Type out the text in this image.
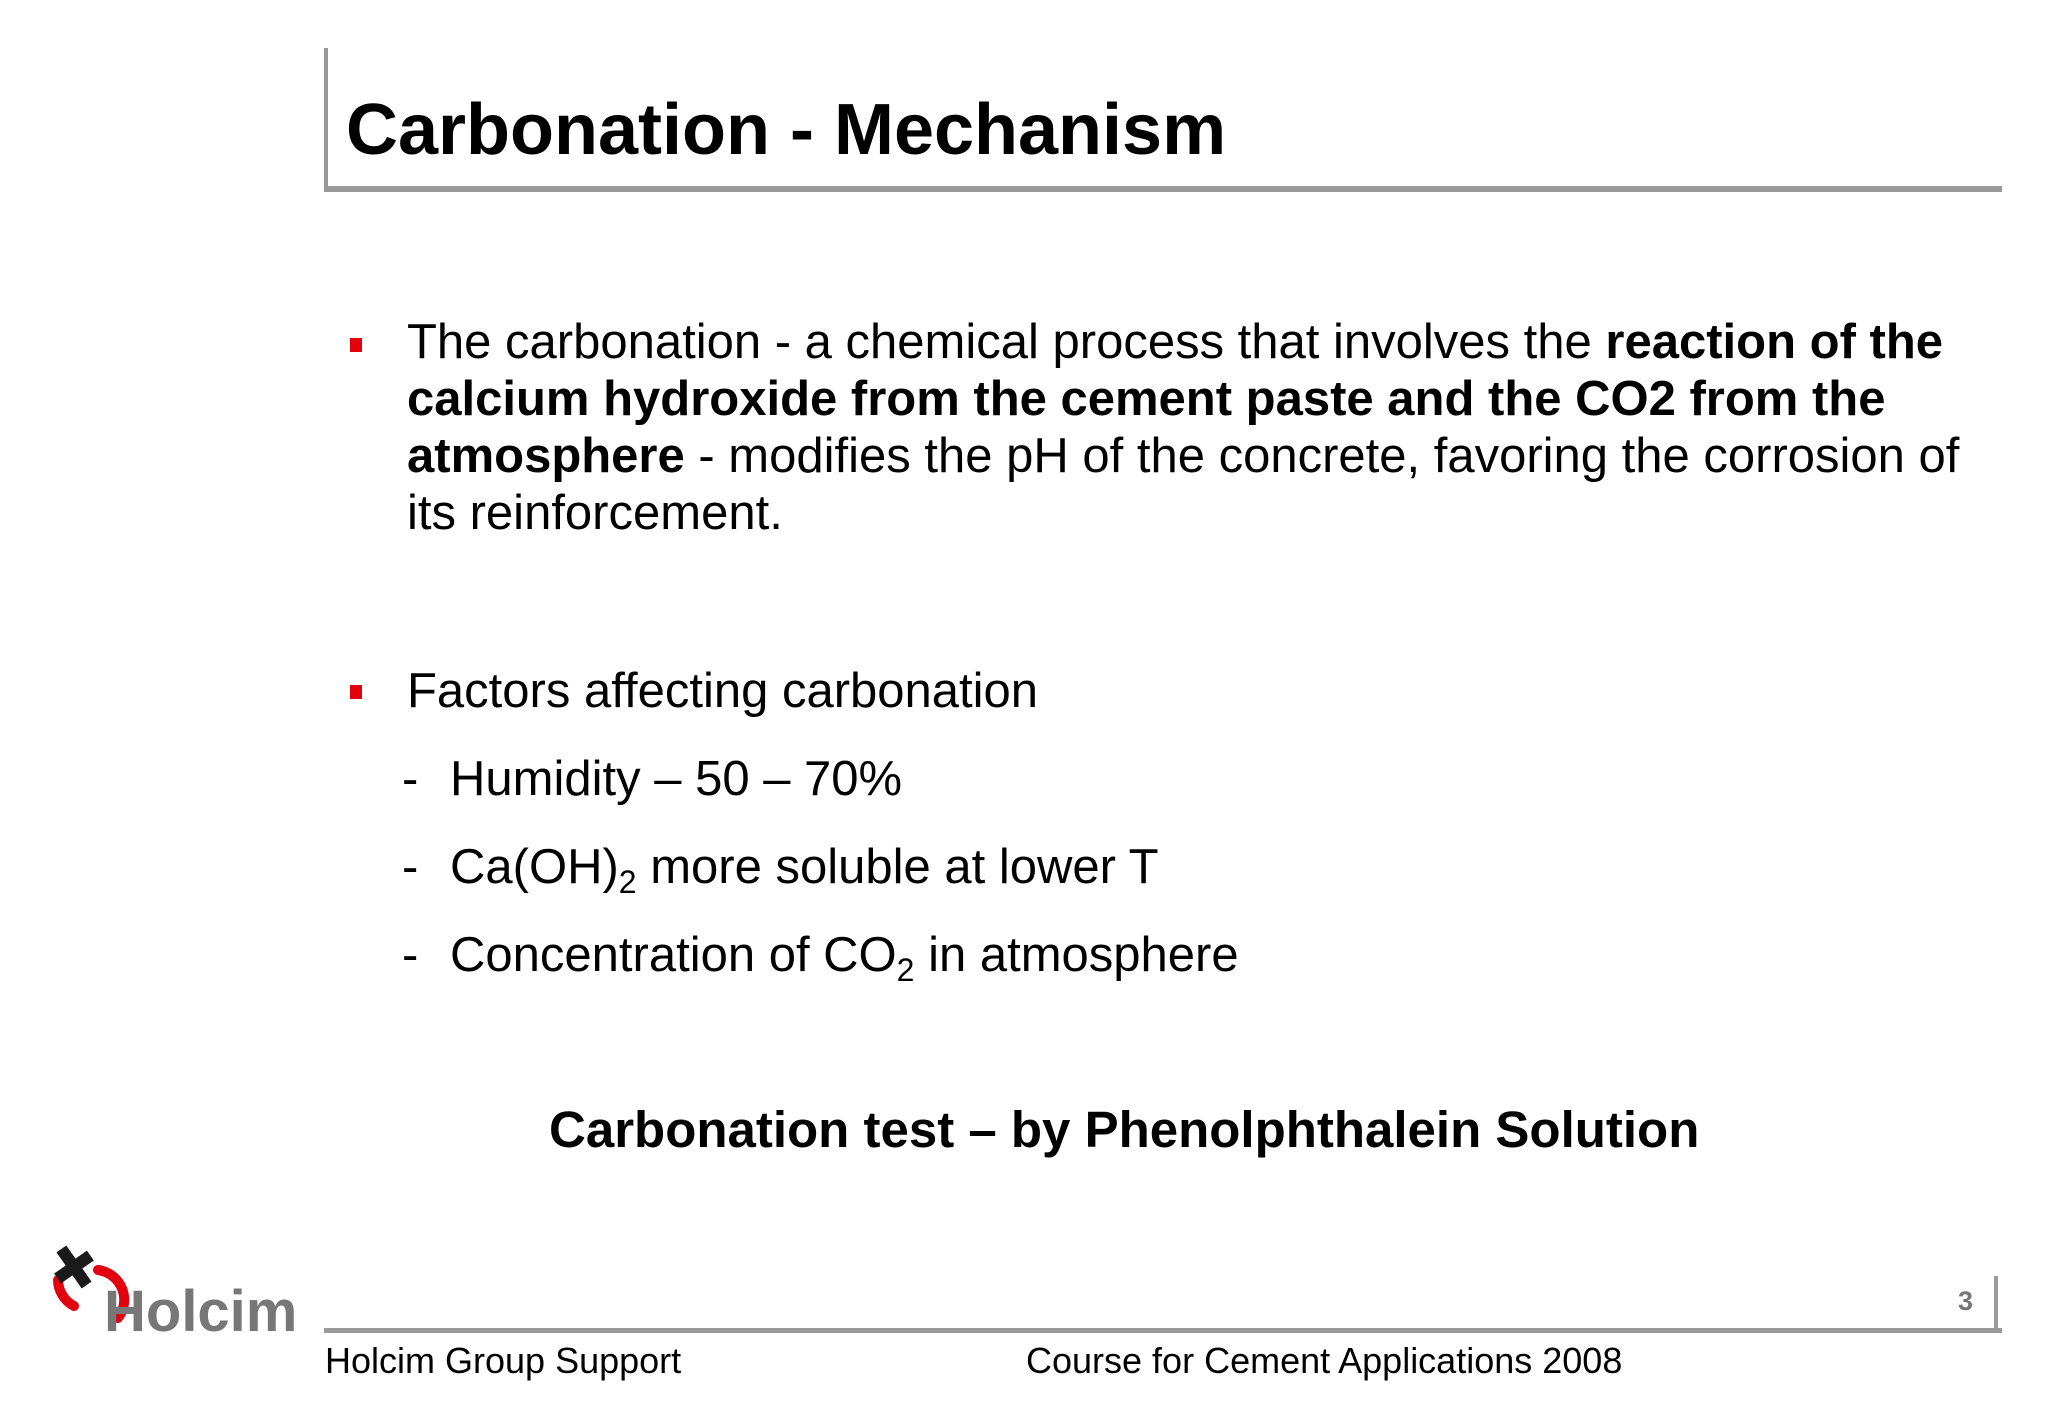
Carbonation - Mechanism
The carbonation - a chemical process that involves the reaction of the calcium hydroxide from the cement paste and the CO2 from the atmosphere - modifies the pH of the concrete, favoring the corrosion of its reinforcement.
Factors affecting carbonation
- Humidity – 50 – 70%
- $Ca(OH)_2$ more soluble at lower T
- Concentration of $CO_2$ in atmosphere
Carbonation test – by Phenolphthalein Solution
Holcim	3
Holcim Group Support	Course for Cement Applications 2008
